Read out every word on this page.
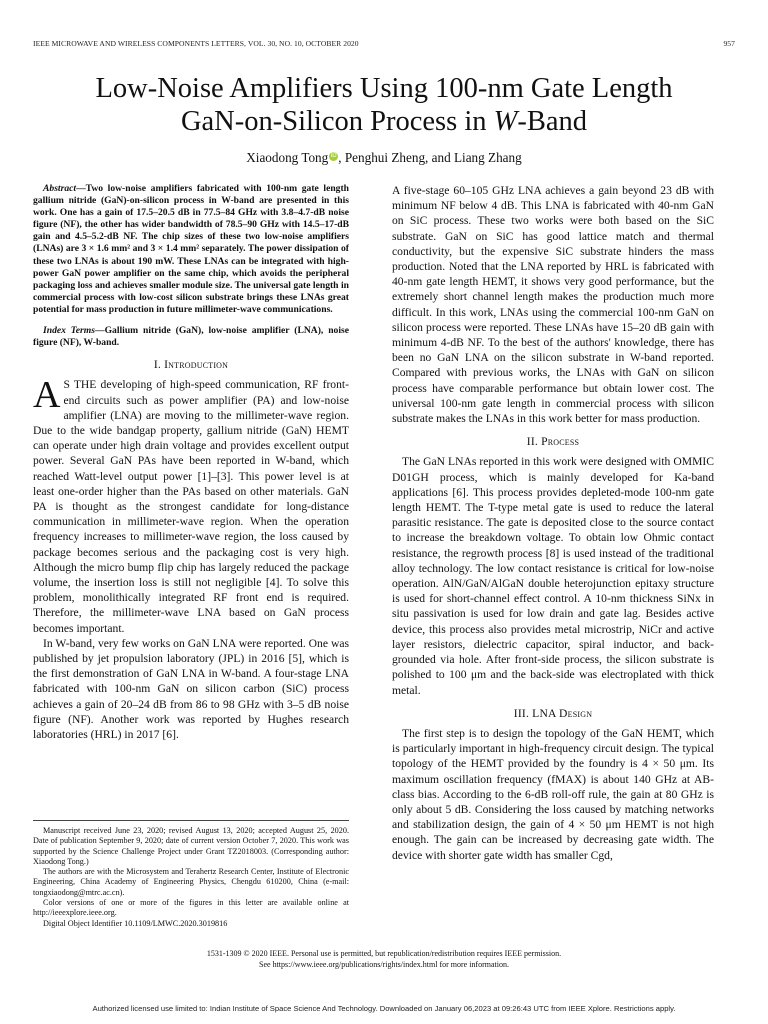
IEEE MICROWAVE AND WIRELESS COMPONENTS LETTERS, VOL. 30, NO. 10, OCTOBER 2020	957
Low-Noise Amplifiers Using 100-nm Gate Length
GaN-on-Silicon Process in W-Band
Xiaodong Tong iD , Penghui Zheng, and Liang Zhang
Abstract—Two low-noise amplifiers fabricated with 100-nm gate length gallium nitride (GaN)-on-silicon process in W-band are presented in this work. One has a gain of 17.5–20.5 dB in 77.5–84 GHz with 3.8–4.7-dB noise figure (NF), the other has wider bandwidth of 78.5–90 GHz with 14.5–17-dB gain and 4.5–5.2-dB NF. The chip sizes of these two low-noise amplifiers (LNAs) are 3 × 1.6 mm² and 3 × 1.4 mm² separately. The power dissipation of these two LNAs is about 190 mW. These LNAs can be integrated with high-power GaN power amplifier on the same chip, which avoids the peripheral packaging loss and achieves smaller module size. The universal gate length in commercial process with low-cost silicon substrate brings these LNAs great potential for mass production in future millimeter-wave communications.
Index Terms—Gallium nitride (GaN), low-noise amplifier (LNA), noise figure (NF), W-band.
I. Introduction

A S THE developing of high-speed communication, RF front-end circuits such as power amplifier (PA) and low-noise amplifier (LNA) are moving to the millimeter-wave region. Due to the wide bandgap property, gallium nitride (GaN) HEMT can operate under high drain voltage and provides excellent output power. Several GaN PAs have been reported in W-band, which reached Watt-level output power [1]–[3]. This power level is at least one-order higher than the PAs based on other materials. GaN PA is thought as the strongest candidate for long-distance communication in millimeter-wave region. When the operation frequency increases to millimeter-wave region, the loss caused by package becomes serious and the packaging cost is very high. Although the micro bump flip chip has largely reduced the package volume, the insertion loss is still not negligible [4]. To solve this problem, monolithically integrated RF front end is required. Therefore, the millimeter-wave LNA based on GaN process becomes important.

In W-band, very few works on GaN LNA were reported. One was published by jet propulsion laboratory (JPL) in 2016 [5], which is the first demonstration of GaN LNA in W-band. A four-stage LNA fabricated with 100-nm GaN on silicon carbon (SiC) process achieves a gain of 20–24 dB from 86 to 98 GHz with 3–5 dB noise figure (NF). Another work was reported by Hughes research laboratories (HRL) in 2017 [6].

Manuscript received June 23, 2020; revised August 13, 2020; accepted August 25, 2020. Date of publication September 9, 2020; date of current version October 7, 2020. This work was supported by the Science Challenge Project under Grant TZ2018003. (Corresponding author: Xiaodong Tong.)

The authors are with the Microsystem and Terahertz Research Center, Institute of Electronic Engineering, China Academy of Engineering Physics, Chengdu 610200, China (e-mail: tongxiaodong@mtrc.ac.cn).

Color versions of one or more of the figures in this letter are available online at http://ieeexplore.ieee.org.

Digital Object Identifier 10.1109/LMWC.2020.3019816

A five-stage 60–105 GHz LNA achieves a gain beyond 23 dB with minimum NF below 4 dB. This LNA is fabricated with 40-nm GaN on SiC process. These two works were both based on the SiC substrate. GaN on SiC has good lattice match and thermal conductivity, but the expensive SiC substrate hinders the mass production. Noted that the LNA reported by HRL is fabricated with 40-nm gate length HEMT, it shows very good performance, but the extremely short channel length makes the production much more difficult. In this work, LNAs using the commercial 100-nm GaN on silicon process were reported. These LNAs have 15–20 dB gain with minimum 4-dB NF. To the best of the authors' knowledge, there has been no GaN LNA on the silicon substrate in W-band reported. Compared with previous works, the LNAs with GaN on silicon process have comparable performance but obtain lower cost. The universal 100-nm gate length in commercial process with silicon substrate makes the LNAs in this work better for mass production.

II. Process

The GaN LNAs reported in this work were designed with OMMIC D01GH process, which is mainly developed for Ka-band applications [6]. This process provides depleted-mode 100-nm gate length HEMT. The T-type metal gate is used to reduce the lateral parasitic resistance. The gate is deposited close to the source contact to increase the breakdown voltage. To obtain low Ohmic contact resistance, the regrowth process [8] is used instead of the traditional alloy technology. The low contact resistance is critical for low-noise operation. AlN/GaN/AlGaN double heterojunction epitaxy structure is used for short-channel effect control. A 10-nm thickness SiNx in situ passivation is used for low drain and gate lag. Besides active device, this process also provides metal microstrip, NiCr and active layer resistors, dielectric capacitor, spiral inductor, and back-grounded via hole. After front-side process, the silicon substrate is polished to 100 μm and the back-side was electroplated with thick metal.

III. LNA Design

The first step is to design the topology of the GaN HEMT, which is particularly important in high-frequency circuit design. The typical topology of the HEMT provided by the foundry is 4 × 50 μm. Its maximum oscillation frequency (fMAX) is about 140 GHz at AB-class bias. According to the 6-dB roll-off rule, the gain at 80 GHz is only about 5 dB. Considering the loss caused by matching networks and stabilization design, the gain of 4 × 50 μm HEMT is not high enough. The gain can be increased by decreasing gate width. The device with shorter gate width has smaller Cgd,

1531-1309 © 2020 IEEE. Personal use is permitted, but republication/redistribution requires IEEE permission.
See https://www.ieee.org/publications/rights/index.html for more information.
Authorized licensed use limited to: Indian Institute of Space Science And Technology. Downloaded on January 06,2023 at 09:26:43 UTC from IEEE Xplore. Restrictions apply.
